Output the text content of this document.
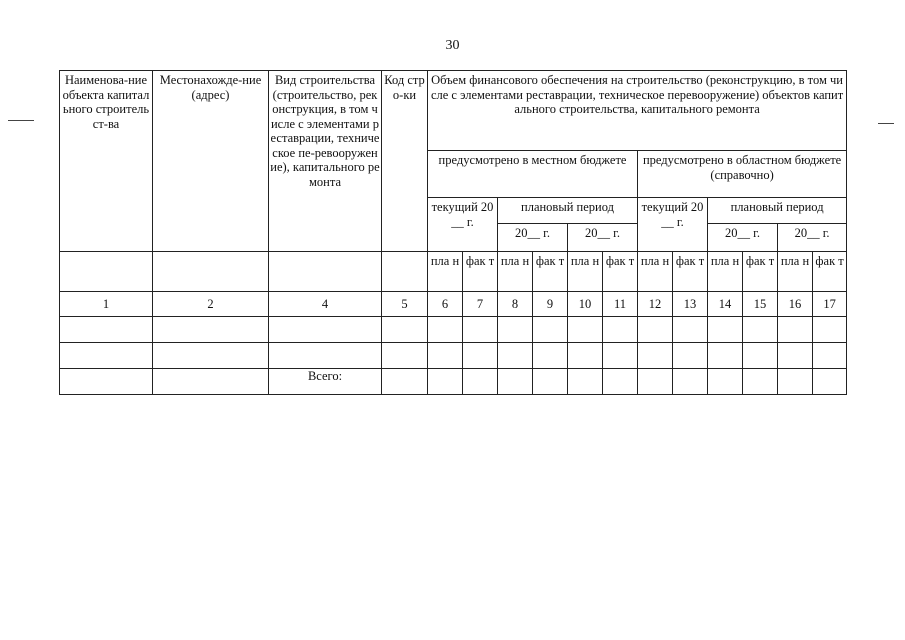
30
Наименова-ние объекта капитального строительст-ва	Местонахожде-ние (адрес)	Вид строительства (строительство, реконструкция, в том числе с элементами реставрации, техническое пе-ревооружение), капитального ремонта	Код стро-ки	Объем финансового обеспечения на строительство (реконструкцию, в том числе с элементами реставрации, техническое перевооружение) объектов капитального строительства, капитального ремонта											
				предусмотрено в местном бюджете						предусмотрено в областном бюджете (справочно)					
				текущий 20__ г.		плановый период				текущий 20__ г.		плановый период			
						20__ г.		20__ г.				20__ г.		20__ г.	
				пла н	фак т	пла н	фак т	пла н	фак т	пла н	фак т	пла н	фак т	пла н	фак т
1	2	4	5	6	7	8	9	10	11	12	13	14	15	16	17

		Всего:													
